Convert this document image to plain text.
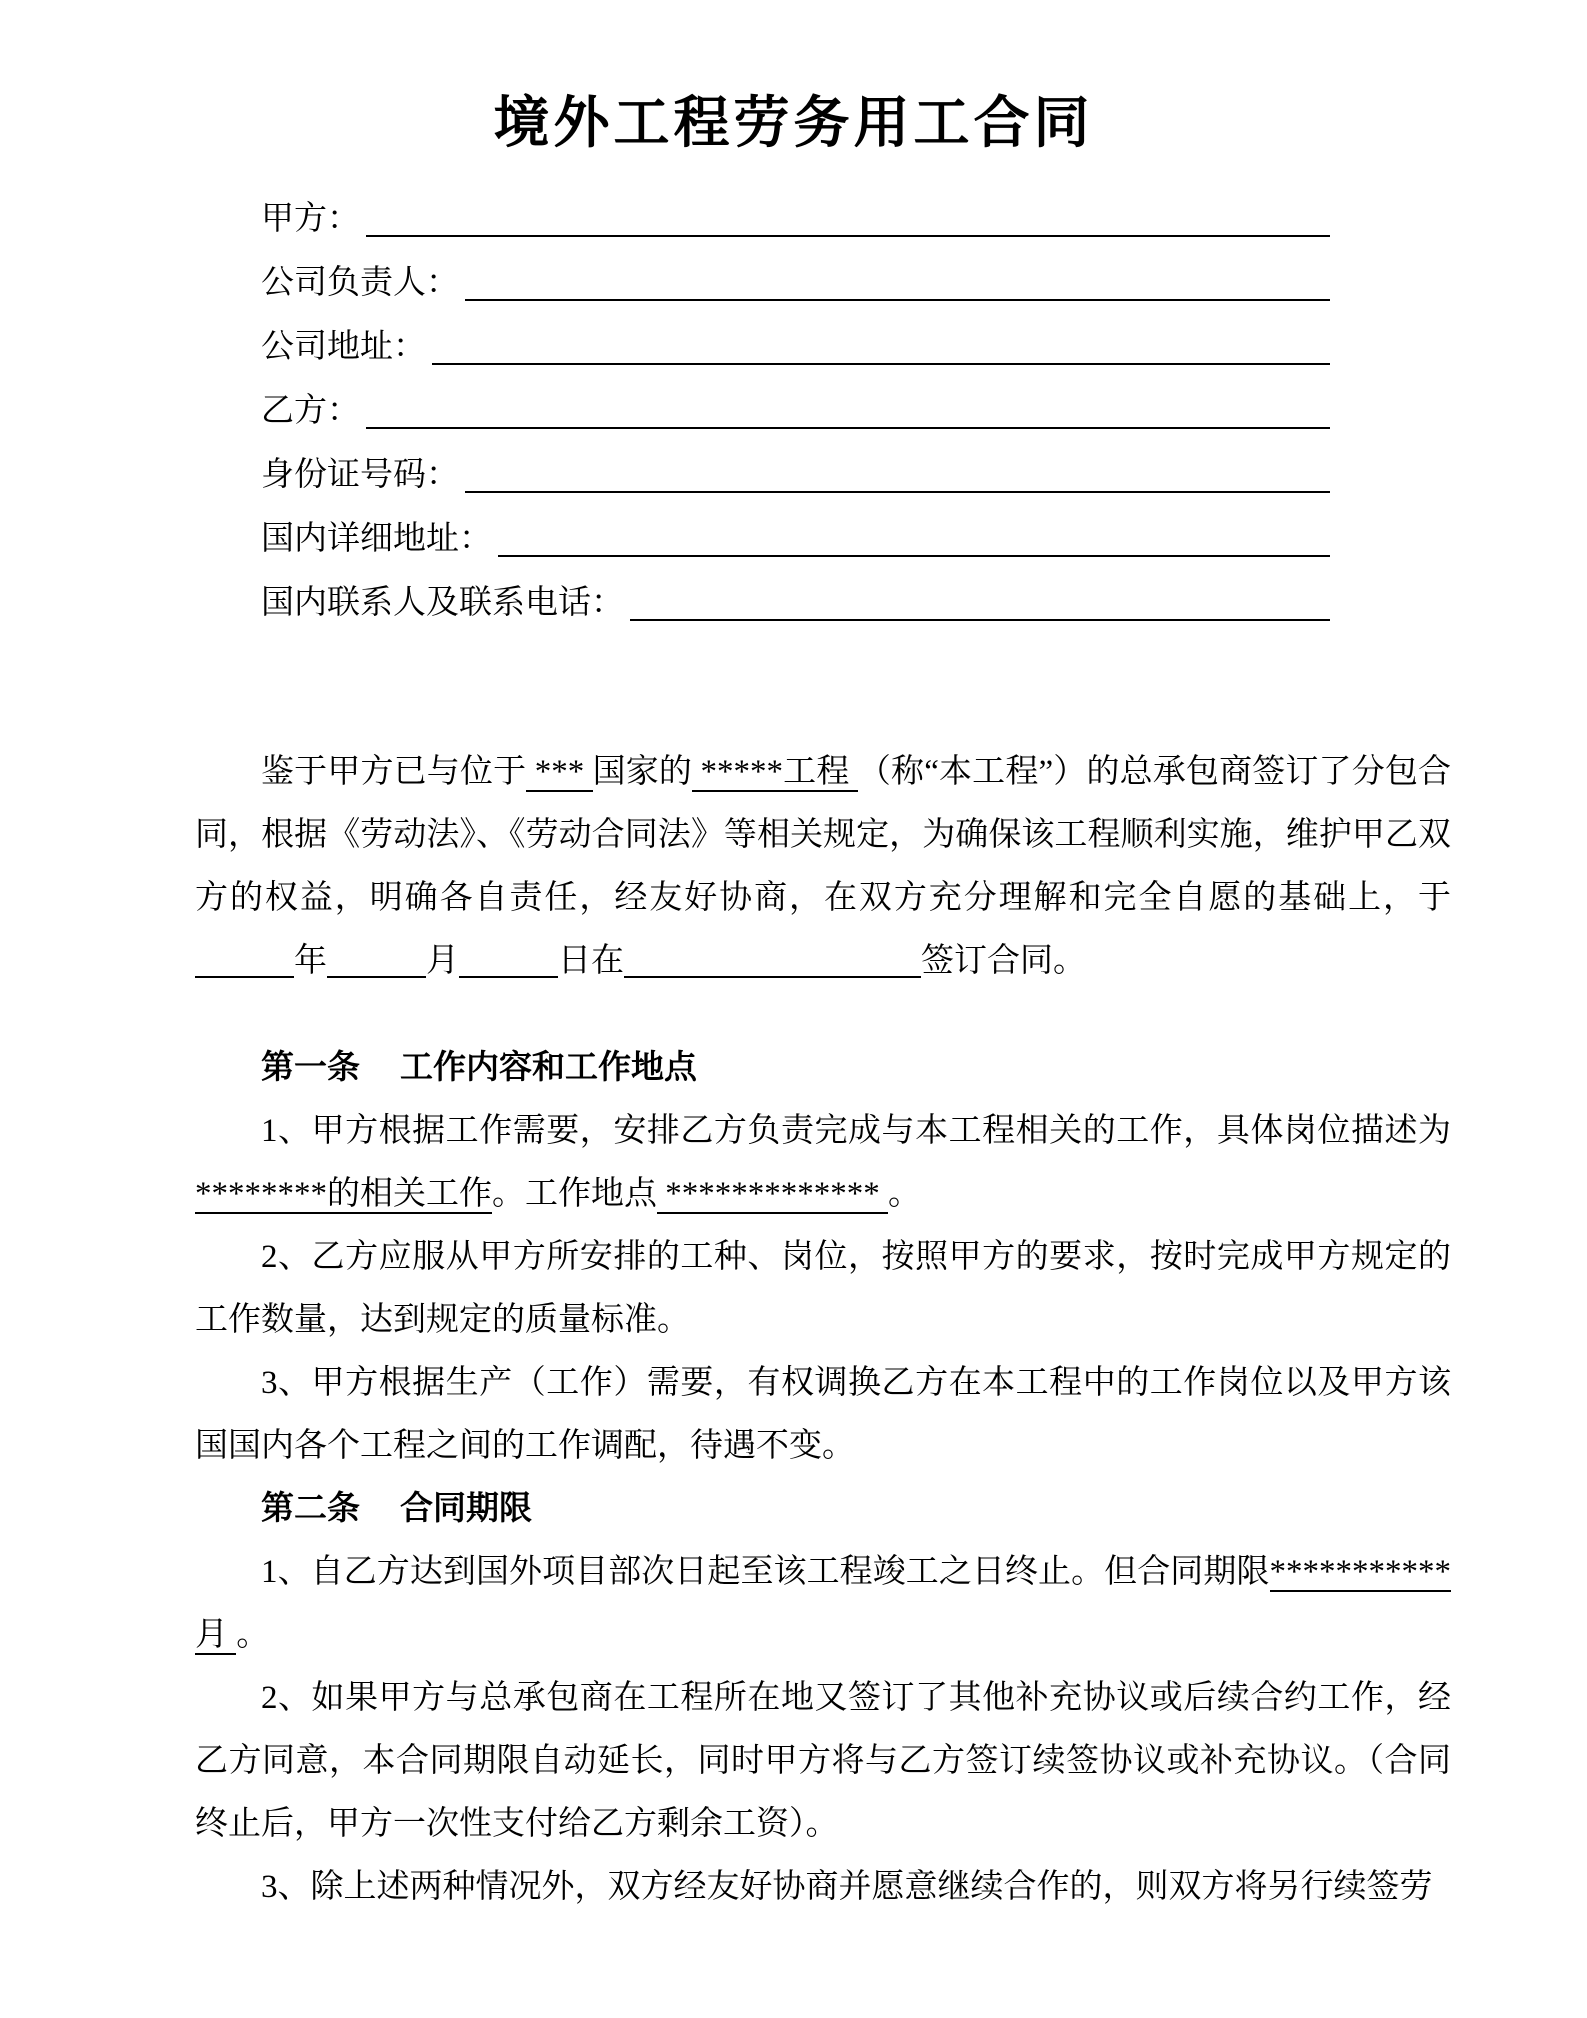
境外工程劳务用工合同
甲方：
公司负责人：
公司地址：
乙方：
身份证号码：
国内详细地址：
国内联系人及联系电话：
鉴于甲方已与位于 *** 国家的 *****工程 （称“本工程”）的总承包商签订了分包合同，根据《劳动法》、《劳动合同法》等相关规定，为确保该工程顺利实施，维护甲乙双方的权益，明确各自责任，经友好协商，在双方充分理解和完全自愿的基础上，于年	月	日在	签订合同。
第一条 工作内容和工作地点
1、甲方根据工作需要，安排乙方负责完成与本工程相关的工作，具体岗位描述为********的相关工作。工作地点 ************* 。
2、乙方应服从甲方所安排的工种、岗位，按照甲方的要求，按时完成甲方规定的工作数量，达到规定的质量标准。
3、甲方根据生产（工作）需要，有权调换乙方在本工程中的工作岗位以及甲方该国国内各个工程之间的工作调配，待遇不变。
第二条 合同期限
1、自乙方达到国外项目部次日起至该工程竣工之日终止。但合同期限***********月 。
2、如果甲方与总承包商在工程所在地又签订了其他补充协议或后续合约工作，经乙方同意，本合同期限自动延长，同时甲方将与乙方签订续签协议或补充协议。（合同终止后，甲方一次性支付给乙方剩余工资）。
3、除上述两种情况外，双方经友好协商并愿意继续合作的，则双方将另行续签劳
